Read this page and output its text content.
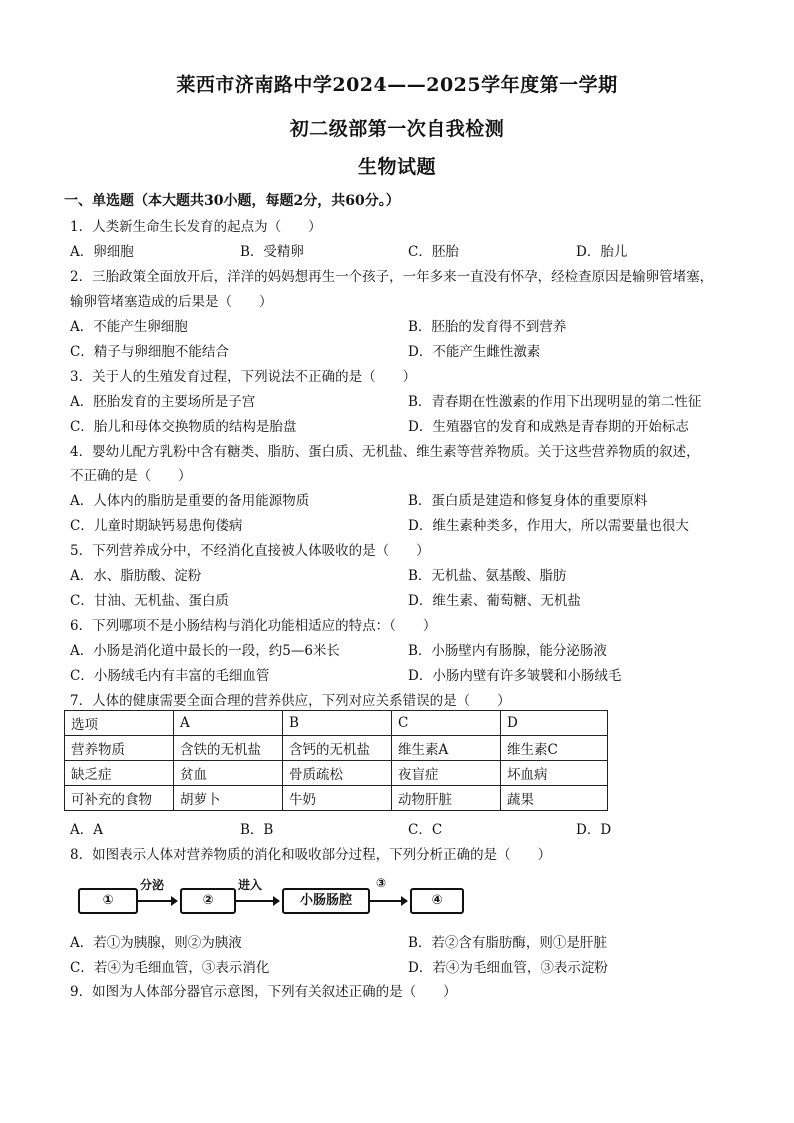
莱西市济南路中学2024——2025学年度第一学期
初二级部第一次自我检测
生物试题
一、单选题（本大题共30小题，每题2分，共60分。）
1．人类新生命生长发育的起点为（　　）
A．卵细胞	B．受精卵	C．胚胎	D．胎儿
2．三胎政策全面放开后，洋洋的妈妈想再生一个孩子，一年多来一直没有怀孕，经检查原因是输卵管堵塞，
输卵管堵塞造成的后果是（　　）
A．不能产生卵细胞	B．胚胎的发育得不到营养
C．精子与卵细胞不能结合	D．不能产生雌性激素
3．关于人的生殖发育过程，下列说法不正确的是（　　）
A．胚胎发育的主要场所是子宫	B．青春期在性激素的作用下出现明显的第二性征
C．胎儿和母体交换物质的结构是胎盘	D．生殖器官的发育和成熟是青春期的开始标志
4．婴幼儿配方乳粉中含有糖类、脂肪、蛋白质、无机盐、维生素等营养物质。关于这些营养物质的叙述，
不正确的是（　　）
A．人体内的脂肪是重要的备用能源物质	B．蛋白质是建造和修复身体的重要原料
C．儿童时期缺钙易患佝偻病	D．维生素种类多，作用大，所以需要量也很大
5．下列营养成分中，不经消化直接被人体吸收的是（　　）
A．水、脂肪酸、淀粉	B．无机盐、氨基酸、脂肪
C．甘油、无机盐、蛋白质	D．维生素、葡萄糖、无机盐
6．下列哪项不是小肠结构与消化功能相适应的特点：（　　）
A．小肠是消化道中最长的一段，约5—6米长	B．小肠壁内有肠腺，能分泌肠液
C．小肠绒毛内有丰富的毛细血管	D．小肠内壁有许多皱襞和小肠绒毛
7．人体的健康需要全面合理的营养供应，下列对应关系错误的是（　　）
选项	A	B	C	D
营养物质	含铁的无机盐	含钙的无机盐	维生素A	维生素C
缺乏症	贫血	骨质疏松	夜盲症	坏血病
可补充的食物	胡萝卜	牛奶	动物肝脏	蔬果
A．A	B．B	C．C	D．D
8．如图表示人体对营养物质的消化和吸收部分过程，下列分析正确的是（　　）
①
分泌
②
进入
小肠肠腔
③
④
A．若①为胰腺，则②为胰液	B．若②含有脂肪酶，则①是肝脏
C．若④为毛细血管，③表示消化	D．若④为毛细血管，③表示淀粉
9．如图为人体部分器官示意图，下列有关叙述正确的是（　　）
